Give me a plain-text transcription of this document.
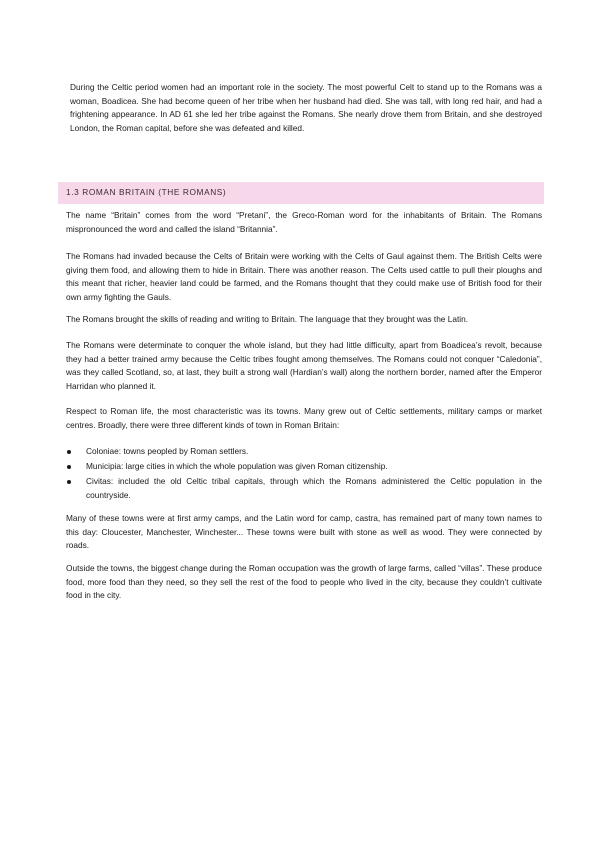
During the Celtic period women had an important role in the society. The most powerful Celt to stand up to the Romans was a woman, Boadicea. She had become queen of her tribe when her husband had died. She was tall, with long red hair, and had a frightening appearance. In AD 61 she led her tribe against the Romans. She nearly drove them from Britain, and she destroyed London, the Roman capital, before she was defeated and killed.

1.3 ROMAN BRITAIN (THE ROMANS)

The name “Britain” comes from the word “Pretani”, the Greco-Roman word for the inhabitants of Britain. The Romans mispronounced the word and called the island “Britannia”.

The Romans had invaded because the Celts of Britain were working with the Celts of Gaul against them. The British Celts were giving them food, and allowing them to hide in Britain. There was another reason. The Celts used cattle to pull their ploughs and this meant that richer, heavier land could be farmed, and the Romans thought that they could make use of British food for their own army fighting the Gauls.

The Romans brought the skills of reading and writing to Britain. The language that they brought was the Latin.

The Romans were determinate to conquer the whole island, but they had little difficulty, apart from Boadicea’s revolt, because they had a better trained army because the Celtic tribes fought among themselves. The Romans could not conquer “Caledonia”, was they called Scotland, so, at last, they built a strong wall (Hardian’s wall) along the northern border, named after the Emperor Harridan who planned it.

Respect to Roman life, the most characteristic was its towns. Many grew out of Celtic settlements, military camps or market centres. Broadly, there were three different kinds of town in Roman Britain:

Coloniae: towns peopled by Roman settlers.
Municipia: large cities in which the whole population was given Roman citizenship.
Civitas: included the old Celtic tribal capitals, through which the Romans administered the Celtic population in the countryside.

Many of these towns were at first army camps, and the Latin word for camp, castra, has remained part of many town names to this day: Cloucester, Manchester, Winchester... These towns were built with stone as well as wood. They were connected by roads.

Outside the towns, the biggest change during the Roman occupation was the growth of large farms, called “villas”. These produce food, more food than they need, so they sell the rest of the food to people who lived in the city, because they couldn’t cultivate food in the city.
